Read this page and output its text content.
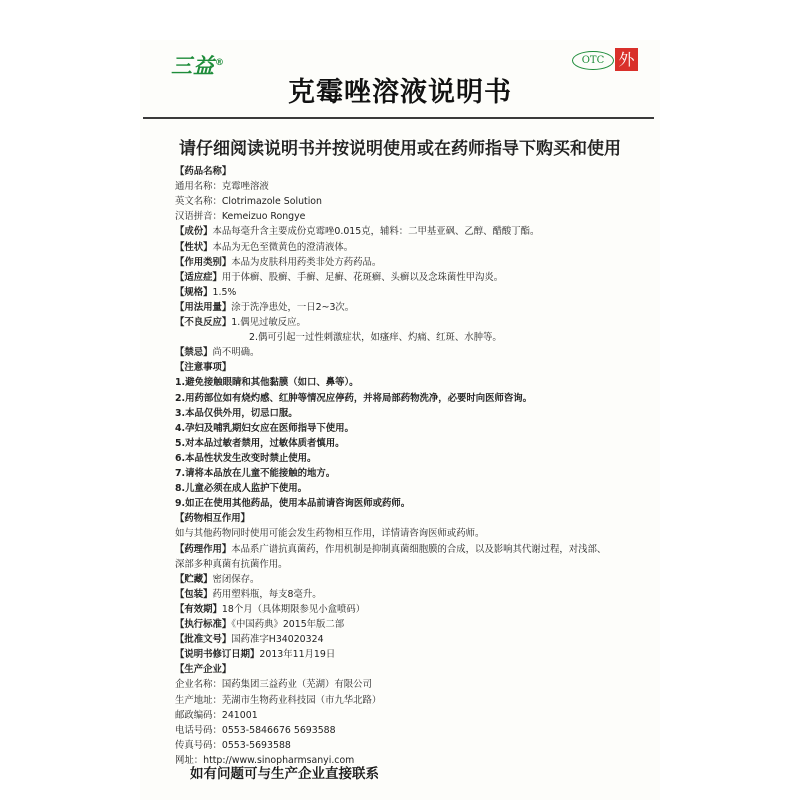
三益®	OTC 外
克霉唑溶液说明书
请仔细阅读说明书并按说明使用或在药师指导下购买和使用
【药品名称】
通用名称：克霉唑溶液
英文名称：Clotrimazole Solution
汉语拼音：Kemeizuo Rongye
【成份】本品每毫升含主要成份克霉唑0.015克，辅料：二甲基亚砜、乙醇、醋酸丁酯。
【性状】本品为无色至微黄色的澄清液体。
【作用类别】本品为皮肤科用药类非处方药药品。
【适应症】用于体癣、股癣、手癣、足癣、花斑癣、头癣以及念珠菌性甲沟炎。
【规格】1.5%
【用法用量】涂于洗净患处，一日2~3次。
【不良反应】1.偶见过敏反应。
2.偶可引起一过性刺激症状，如瘙痒、灼痛、红斑、水肿等。
【禁忌】尚不明确。
【注意事项】
1.避免接触眼睛和其他黏膜（如口、鼻等）。
2.用药部位如有烧灼感、红肿等情况应停药，并将局部药物洗净，必要时向医师咨询。
3.本品仅供外用，切忌口服。
4.孕妇及哺乳期妇女应在医师指导下使用。
5.对本品过敏者禁用，过敏体质者慎用。
6.本品性状发生改变时禁止使用。
7.请将本品放在儿童不能接触的地方。
8.儿童必须在成人监护下使用。
9.如正在使用其他药品，使用本品前请咨询医师或药师。
【药物相互作用】
如与其他药物同时使用可能会发生药物相互作用，详情请咨询医师或药师。
【药理作用】本品系广谱抗真菌药，作用机制是抑制真菌细胞膜的合成，以及影响其代谢过程，对浅部、
深部多种真菌有抗菌作用。
【贮藏】密闭保存。
【包装】药用塑料瓶，每支8毫升。
【有效期】18个月（具体期限参见小盒喷码）
【执行标准】《中国药典》2015年版二部
【批准文号】国药准字H34020324
【说明书修订日期】2013年11月19日
【生产企业】
企业名称：国药集团三益药业（芜湖）有限公司
生产地址：芜湖市生物药业科技园（市九华北路）
邮政编码：241001
电话号码：0553-5846676 5693588
传真号码：0553-5693588
网址：http://www.sinopharmsanyi.com
如有问题可与生产企业直接联系
